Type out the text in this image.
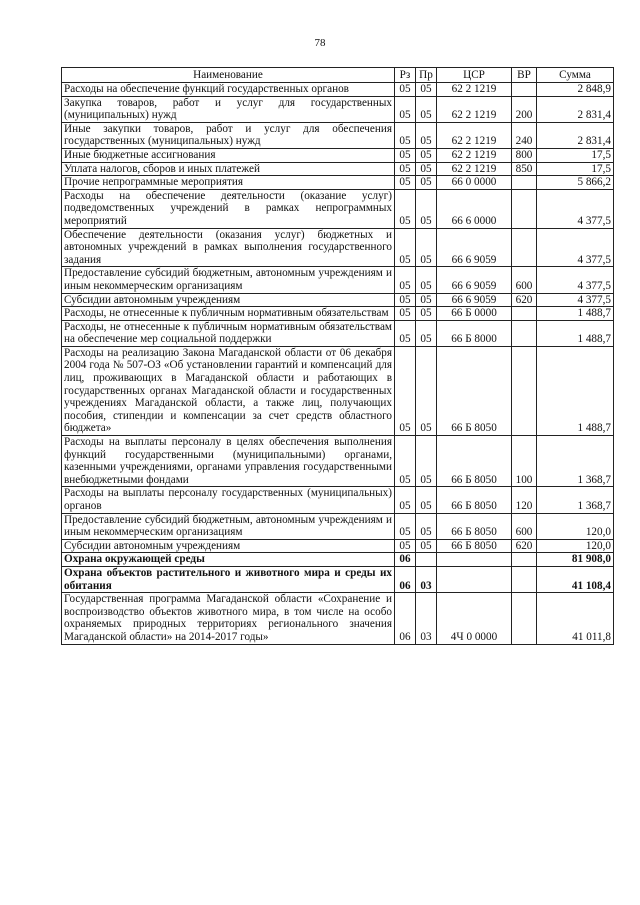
78
Наименование	Рз	Пр	ЦСР	ВР	Сумма
Расходы на обеспечение функций государственных органов	05	05	62 2 1219		2 848,9
Закупка товаров, работ и услуг для государственных (муниципальных) нужд	05	05	62 2 1219	200	2 831,4
Иные закупки товаров, работ и услуг для обеспечения государственных (муниципальных) нужд	05	05	62 2 1219	240	2 831,4
Иные бюджетные ассигнования	05	05	62 2 1219	800	17,5
Уплата налогов, сборов и иных платежей	05	05	62 2 1219	850	17,5
Прочие непрограммные мероприятия	05	05	66 0 0000		5 866,2
Расходы на обеспечение деятельности (оказание услуг) подведомственных учреждений в рамках непрограммных мероприятий	05	05	66 6 0000		4 377,5
Обеспечение деятельности (оказания услуг) бюджетных и автономных учреждений в рамках выполнения государственного задания	05	05	66 6 9059		4 377,5
Предоставление субсидий бюджетным, автономным учреждениям и иным некоммерческим организациям	05	05	66 6 9059	600	4 377,5
Субсидии автономным учреждениям	05	05	66 6 9059	620	4 377,5
Расходы, не отнесенные к публичным нормативным обязательствам	05	05	66 Б 0000		1 488,7
Расходы, не отнесенные к публичным нормативным обязательствам на обеспечение мер социальной поддержки	05	05	66 Б 8000		1 488,7
Расходы на реализацию Закона Магаданской области от 06 декабря 2004 года № 507-ОЗ «Об установлении гарантий и компенсаций для лиц, проживающих в Магаданской области и работающих в государственных органах Магаданской области и государственных учреждениях Магаданской области, а также лиц, получающих пособия, стипендии и компенсации за счет средств областного бюджета»	05	05	66 Б 8050		1 488,7
Расходы на выплаты персоналу в целях обеспечения выполнения функций государственными (муниципальными) органами, казенными учреждениями, органами управления государственными внебюджетными фондами	05	05	66 Б 8050	100	1 368,7
Расходы на выплаты персоналу государственных (муниципальных) органов	05	05	66 Б 8050	120	1 368,7
Предоставление субсидий бюджетным, автономным учреждениям и иным некоммерческим организациям	05	05	66 Б 8050	600	120,0
Субсидии автономным учреждениям	05	05	66 Б 8050	620	120,0
Охрана окружающей среды	06				81 908,0
Охрана объектов растительного и животного мира и среды их обитания	06	03			41 108,4
Государственная программа Магаданской области «Сохранение и воспроизводство объектов животного мира, в том числе на особо охраняемых природных территориях регионального значения Магаданской области» на 2014-2017 годы»	06	03	4Ч 0 0000		41 011,8
